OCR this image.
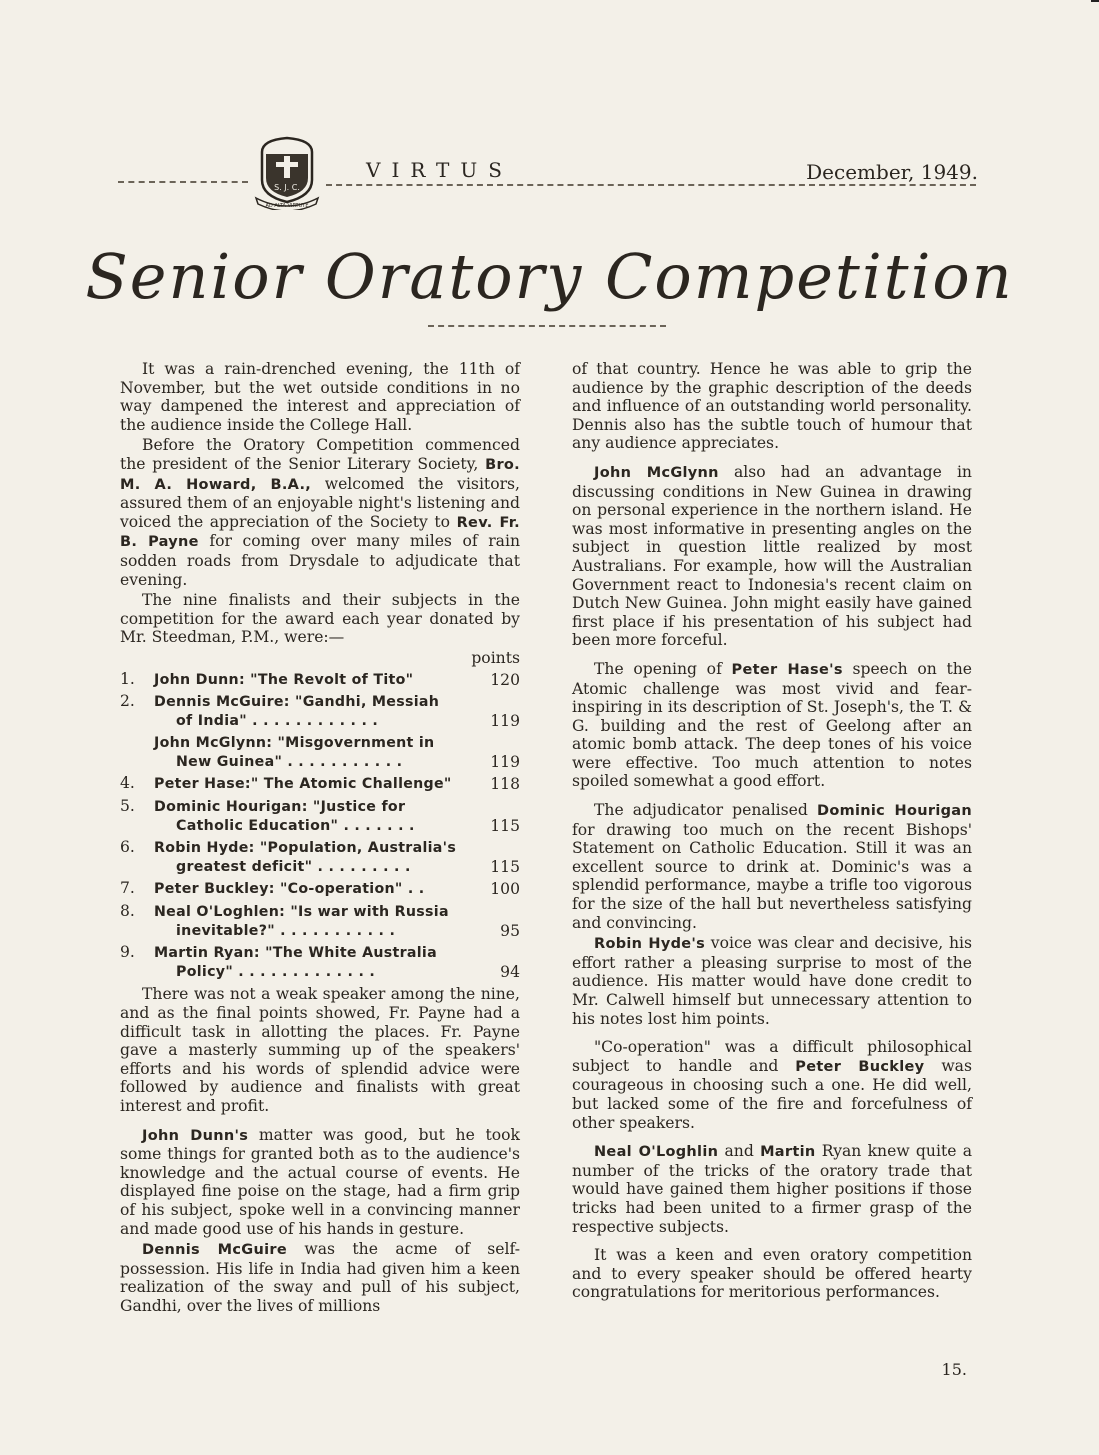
S. J. C.
AD ALTA VIRTUTE
VIRTUS	December, 1949.
Senior Oratory Competition

It was a rain-drenched evening, the 11th of November, but the wet outside conditions in no way dampened the interest and appreciation of the audience inside the College Hall.

Before the Oratory Competition commenced the president of the Senior Literary Society, Bro. M. A. Howard, B.A., welcomed the visitors, assured them of an enjoyable night's listening and voiced the appreciation of the Society to Rev. Fr. B. Payne for coming over many miles of rain sodden roads from Drysdale to adjudicate that evening.

The nine finalists and their subjects in the competition for the award each year donated by Mr. Steedman, P.M., were:—

points
1. John Dunn: "The Revolt of Tito"	120
2. Dennis McGuire: "Gandhi, Messiah
of India" . . . . . . . . . . . .	119
John McGlynn: "Misgovernment in
New Guinea" . . . . . . . . . . .	119
4. Peter Hase:" The Atomic Challenge" 118
5. Dominic Hourigan: "Justice for
Catholic Education" . . . . . . .	115
6. Robin Hyde: "Population, Australia's
greatest deficit" . . . . . . . . .	115
7. Peter Buckley: "Co-operation" . .	100
8. Neal O'Loghlen: "Is war with Russia
inevitable?" . . . . . . . . . . .	95
9. Martin Ryan: "The White Australia
Policy" . . . . . . . . . . . . .	94

There was not a weak speaker among the nine, and as the final points showed, Fr. Payne had a difficult task in allotting the places. Fr. Payne gave a masterly summing up of the speakers' efforts and his words of splendid advice were followed by audience and finalists with great interest and profit.

John Dunn's matter was good, but he took some things for granted both as to the audience's knowledge and the actual course of events. He displayed fine poise on the stage, had a firm grip of his subject, spoke well in a convincing manner and made good use of his hands in gesture.

Dennis McGuire was the acme of self-possession. His life in India had given him a keen realization of the sway and pull of his subject, Gandhi, over the lives of millions

of that country. Hence he was able to grip the audience by the graphic description of the deeds and influence of an outstanding world personality. Dennis also has the subtle touch of humour that any audience appreciates.

John McGlynn also had an advantage in discussing conditions in New Guinea in drawing on personal experience in the northern island. He was most informative in presenting angles on the subject in question little realized by most Australians. For example, how will the Australian Government react to Indonesia's recent claim on Dutch New Guinea. John might easily have gained first place if his presentation of his subject had been more forceful.

The opening of Peter Hase's speech on the Atomic challenge was most vivid and fear-inspiring in its description of St. Joseph's, the T. & G. building and the rest of Geelong after an atomic bomb attack. The deep tones of his voice were effective. Too much attention to notes spoiled somewhat a good effort.

The adjudicator penalised Dominic Hourigan for drawing too much on the recent Bishops' Statement on Catholic Education. Still it was an excellent source to drink at. Dominic's was a splendid performance, maybe a trifle too vigorous for the size of the hall but nevertheless satisfying and convincing.

Robin Hyde's voice was clear and decisive, his effort rather a pleasing surprise to most of the audience. His matter would have done credit to Mr. Calwell himself but unnecessary attention to his notes lost him points.

"Co-operation" was a difficult philosophical subject to handle and Peter Buckley was courageous in choosing such a one. He did well, but lacked some of the fire and forcefulness of other speakers.

Neal O'Loghlin and Martin Ryan knew quite a number of the tricks of the oratory trade that would have gained them higher positions if those tricks had been united to a firmer grasp of the respective subjects.

It was a keen and even oratory competition and to every speaker should be offered hearty congratulations for meritorious performances.

15.
